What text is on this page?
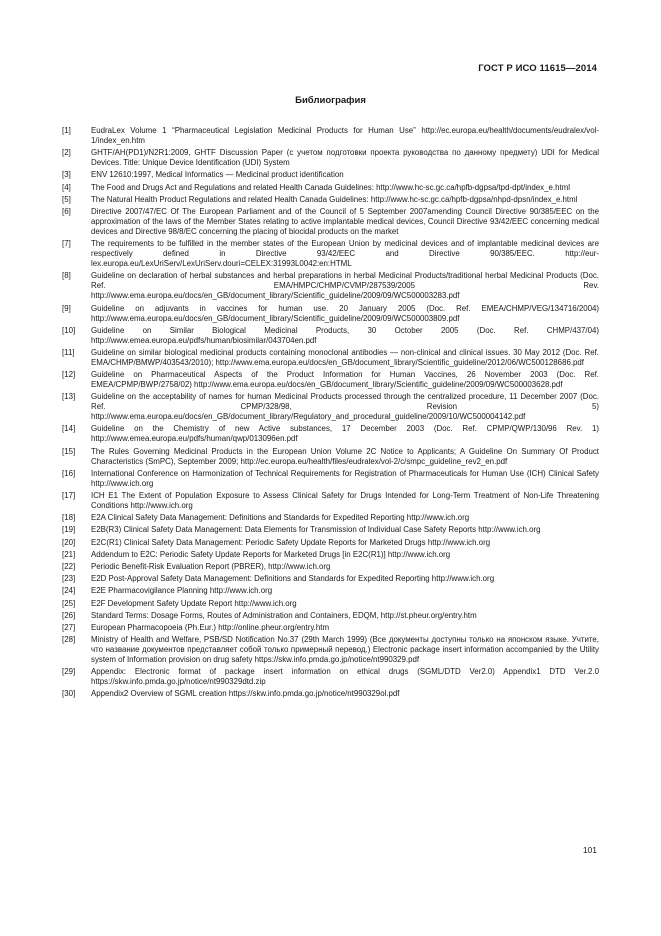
ГОСТ Р ИСО 11615—2014
Библиография
[1]	EudraLex Volume 1 “Pharmaceutical Legislation Medicinal Products for Human Use” http://ec.europa.eu/health/documents/eudralex/vol-1/index_en.htm
[2]	GHTF/AH(PD1)/N2R1:2009, GHTF Discussion Paper (с учетом подготовки проекта руководства по данному предмету) UDI for Medical Devices. Title: Unique Device Identification (UDI) System
[3]	ENV 12610:1997, Medical Informatics — Medicinal product identification
[4]	The Food and Drugs Act and Regulations and related Health Canada Guidelines: http://www.hc-sc.gc.ca/hpfb-dgpsa/tpd-dpt/index_e.html
[5]	The Natural Health Product Regulations and related Health Canada Guidelines: http://www.hc-sc.gc.ca/hpfb-dgpsa/nhpd-dpsn/index_e.html
[6]	Directive 2007/47/EC Of The European Parliament and of the Council of 5 September 2007amending Council Directive 90/385/EEC on the approximation of the laws of the Member States relating to active implantable medical devices, Council Directive 93/42/EEC concerning medical devices and Directive 98/8/EC concerning the placing of biocidal products on the market
[7]	The requirements to be fulfilled in the member states of the European Union by medicinal devices and of implantable medicinal devices are respectively defined in Directive 93/42/EEC and Directive 90/385/EEC. http://eur-lex.europa.eu/LexUriServ/LexUriServ.douri=CELEX:31993L0042:en:HTML
[8]	Guideline on declaration of herbal substances and herbal preparations in herbal Medicinal Products/traditional herbal Medicinal Products (Doc. Ref. EMA/HMPC/CHMP/CVMP/287539/2005 Rev. http://www.ema.europa.eu/docs/en_GB/document_library/Scientific_guideline/2009/09/WC500003283.pdf
[9]	Guideline on adjuvants in vaccines for human use. 20 January 2005 (Doc. Ref. EMEA/CHMP/VEG/134716/2004) http://www.ema.europa.eu/docs/en_GB/document_library/Scientific_guideline/2009/09/WC500003809.pdf
[10]	Guideline on Similar Biological Medicinal Products, 30 October 2005 (Doc. Ref. CHMP/437/04) http://www.emea.europa.eu/pdfs/human/biosimilar/043704en.pdf
[11]	Guideline on similar biological medicinal products containing monoclonal antibodies — non-clinical and clinical issues. 30 May 2012 (Doc. Ref. EMA/CHMP/BMWP/403543/2010); http://www.ema.europa.eu/docs/en_GB/document_library/Scientific_guideline/2012/06/WC500128686.pdf
[12]	Guideline on Pharmaceutical Aspects of the Product Information for Human Vaccines, 26 November 2003 (Doc. Ref. EMEA/CPMP/BWP/2758/02) http://www.ema.europa.eu/docs/en_GB/document_library/Scientific_guideline/2009/09/WC500003628.pdf
[13]	Guideline on the acceptability of names for human Medicinal Products processed through the centralized procedure, 11 December 2007 (Doc. Ref. CPMP/328/98, Revision 5) http://www.ema.europa.eu/docs/en_GB/document_library/Regulatory_and_procedural_guideline/2009/10/WC500004142.pdf
[14]	Guideline on the Chemistry of new Active substances, 17 December 2003 (Doc. Ref. CPMP/QWP/130/96 Rev. 1) http://www.emea.europa.eu/pdfs/human/qwp/013096en.pdf
[15]	The Rules Governing Medicinal Products in the European Union Volume 2C Notice to Applicants; A Guideline On Summary Of Product Characteristics (SmPC), September 2009; http://ec.europa.eu/health/files/eudralex/vol-2/c/smpc_guideline_rev2_en.pdf
[16]	International Conference on Harmonization of Technical Requirements for Registration of Pharmaceuticals for Human Use (ICH) Clinical Safety http://www.ich.org
[17]	ICH E1 The Extent of Population Exposure to Assess Clinical Safety for Drugs Intended for Long-Term Treatment of Non-Life Threatening Conditions http://www.ich.org
[18]	E2A Clinical Safety Data Management: Definitions and Standards for Expedited Reporting http://www.ich.org
[19]	E2B(R3) Clinical Safety Data Management: Data Elements for Transmission of Individual Case Safety Reports http://www.ich.org
[20]	E2C(R1) Clinical Safety Data Management: Periodic Safety Update Reports for Marketed Drugs http://www.ich.org
[21]	Addendum to E2C: Periodic Safety Update Reports for Marketed Drugs [in E2C(R1)] http://www.ich.org
[22]	Periodic Benefit-Risk Evaluation Report (PBRER), http://www.ich.org
[23]	E2D Post-Approval Safety Data Management: Definitions and Standards for Expedited Reporting http://www.ich.org
[24]	E2E Pharmacovigilance Planning http://www.ich.org
[25]	E2F Development Safety Update Report http://www.ich.org
[26]	Standard Terms: Dosage Forms, Routes of Administration and Containers, EDQM, http://st.pheur.org/entry.htm
[27]	European Pharmacopoeia (Ph.Eur.) http://online.pheur.org/entry.htm
[28]	Ministry of Health and Welfare, PSB/SD Notification No.37 (29th March 1999) (Все документы доступны только на японском языке. Учтите, что название документов представляет собой только примерный перевод.) Electronic package insert information accompanied by the Utility system of Information provision on drug safety https://skw.info.pmda.go.jp/notice/nt990329.pdf
[29]	Appendix: Electronic format of package insert information on ethical drugs (SGML/DTD Ver2.0) Appendix1 DTD Ver.2.0 https://skw.info.pmda.go.jp/notice/nt990329dtd.zip
[30]	Appendix2 Overview of SGML creation https://skw.info.pmda.go.jp/notice/nt990329ol.pdf
101
